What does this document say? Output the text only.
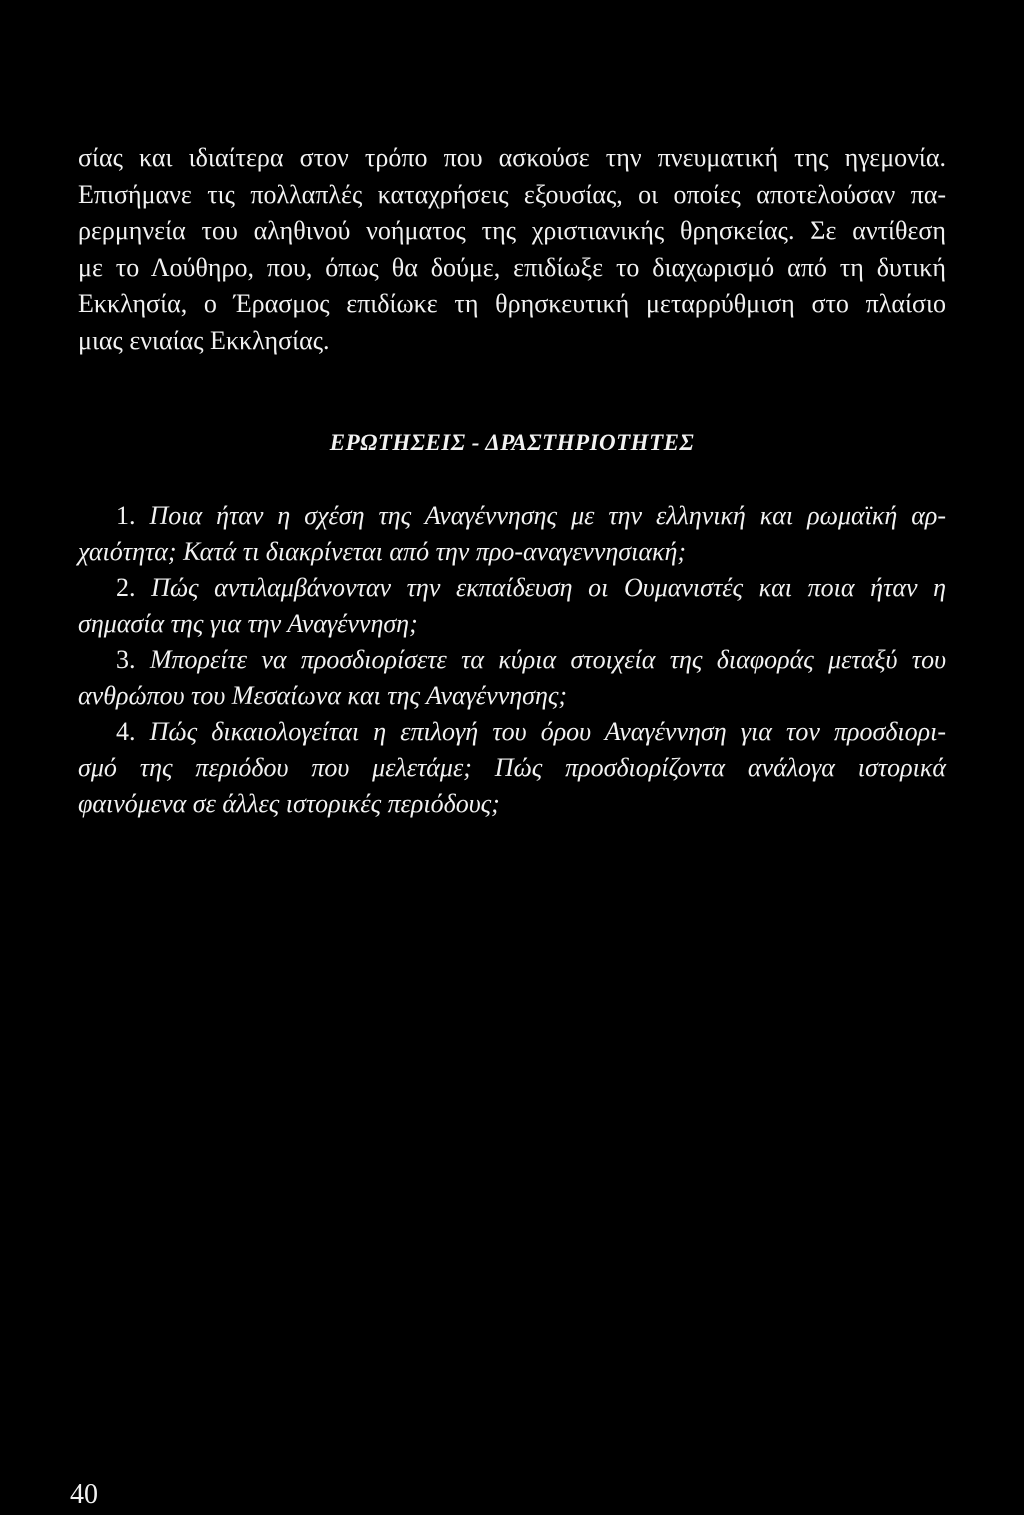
σίας και ιδιαίτερα στον τρόπο που ασκούσε την πνευματική της ηγεμονία.
Επισήμανε τις πολλαπλές καταχρήσεις εξουσίας, οι οποίες αποτελούσαν πα-
ρερμηνεία του αληθινού νοήματος της χριστιανικής θρησκείας. Σε αντίθεση
με το Λούθηρο, που, όπως θα δούμε, επιδίωξε το διαχωρισμό από τη δυτική
Εκκλησία, ο Έρασμος επιδίωκε τη θρησκευτική μεταρρύθμιση στο πλαίσιο
μιας ενιαίας Εκκλησίας.

ΕΡΩΤΗΣΕΙΣ - ΔΡΑΣΤΗΡΙΟΤΗΤΕΣ
1. Ποια ήταν η σχέση της Αναγέννησης με την ελληνική και ρωμαϊκή αρ-
χαιότητα; Κατά τι διακρίνεται από την προ-αναγεννησιακή;
2. Πώς αντιλαμβάνονταν την εκπαίδευση οι Ουμανιστές και ποια ήταν η
σημασία της για την Αναγέννηση;
3. Μπορείτε να προσδιορίσετε τα κύρια στοιχεία της διαφοράς μεταξύ του
ανθρώπου του Μεσαίωνα και της Αναγέννησης;
4. Πώς δικαιολογείται η επιλογή του όρου Αναγέννηση για τον προσδιορι-
σμό της περιόδου που μελετάμε; Πώς προσδιορίζοντα ανάλογα ιστορικά
φαινόμενα σε άλλες ιστορικές περιόδους;
40
